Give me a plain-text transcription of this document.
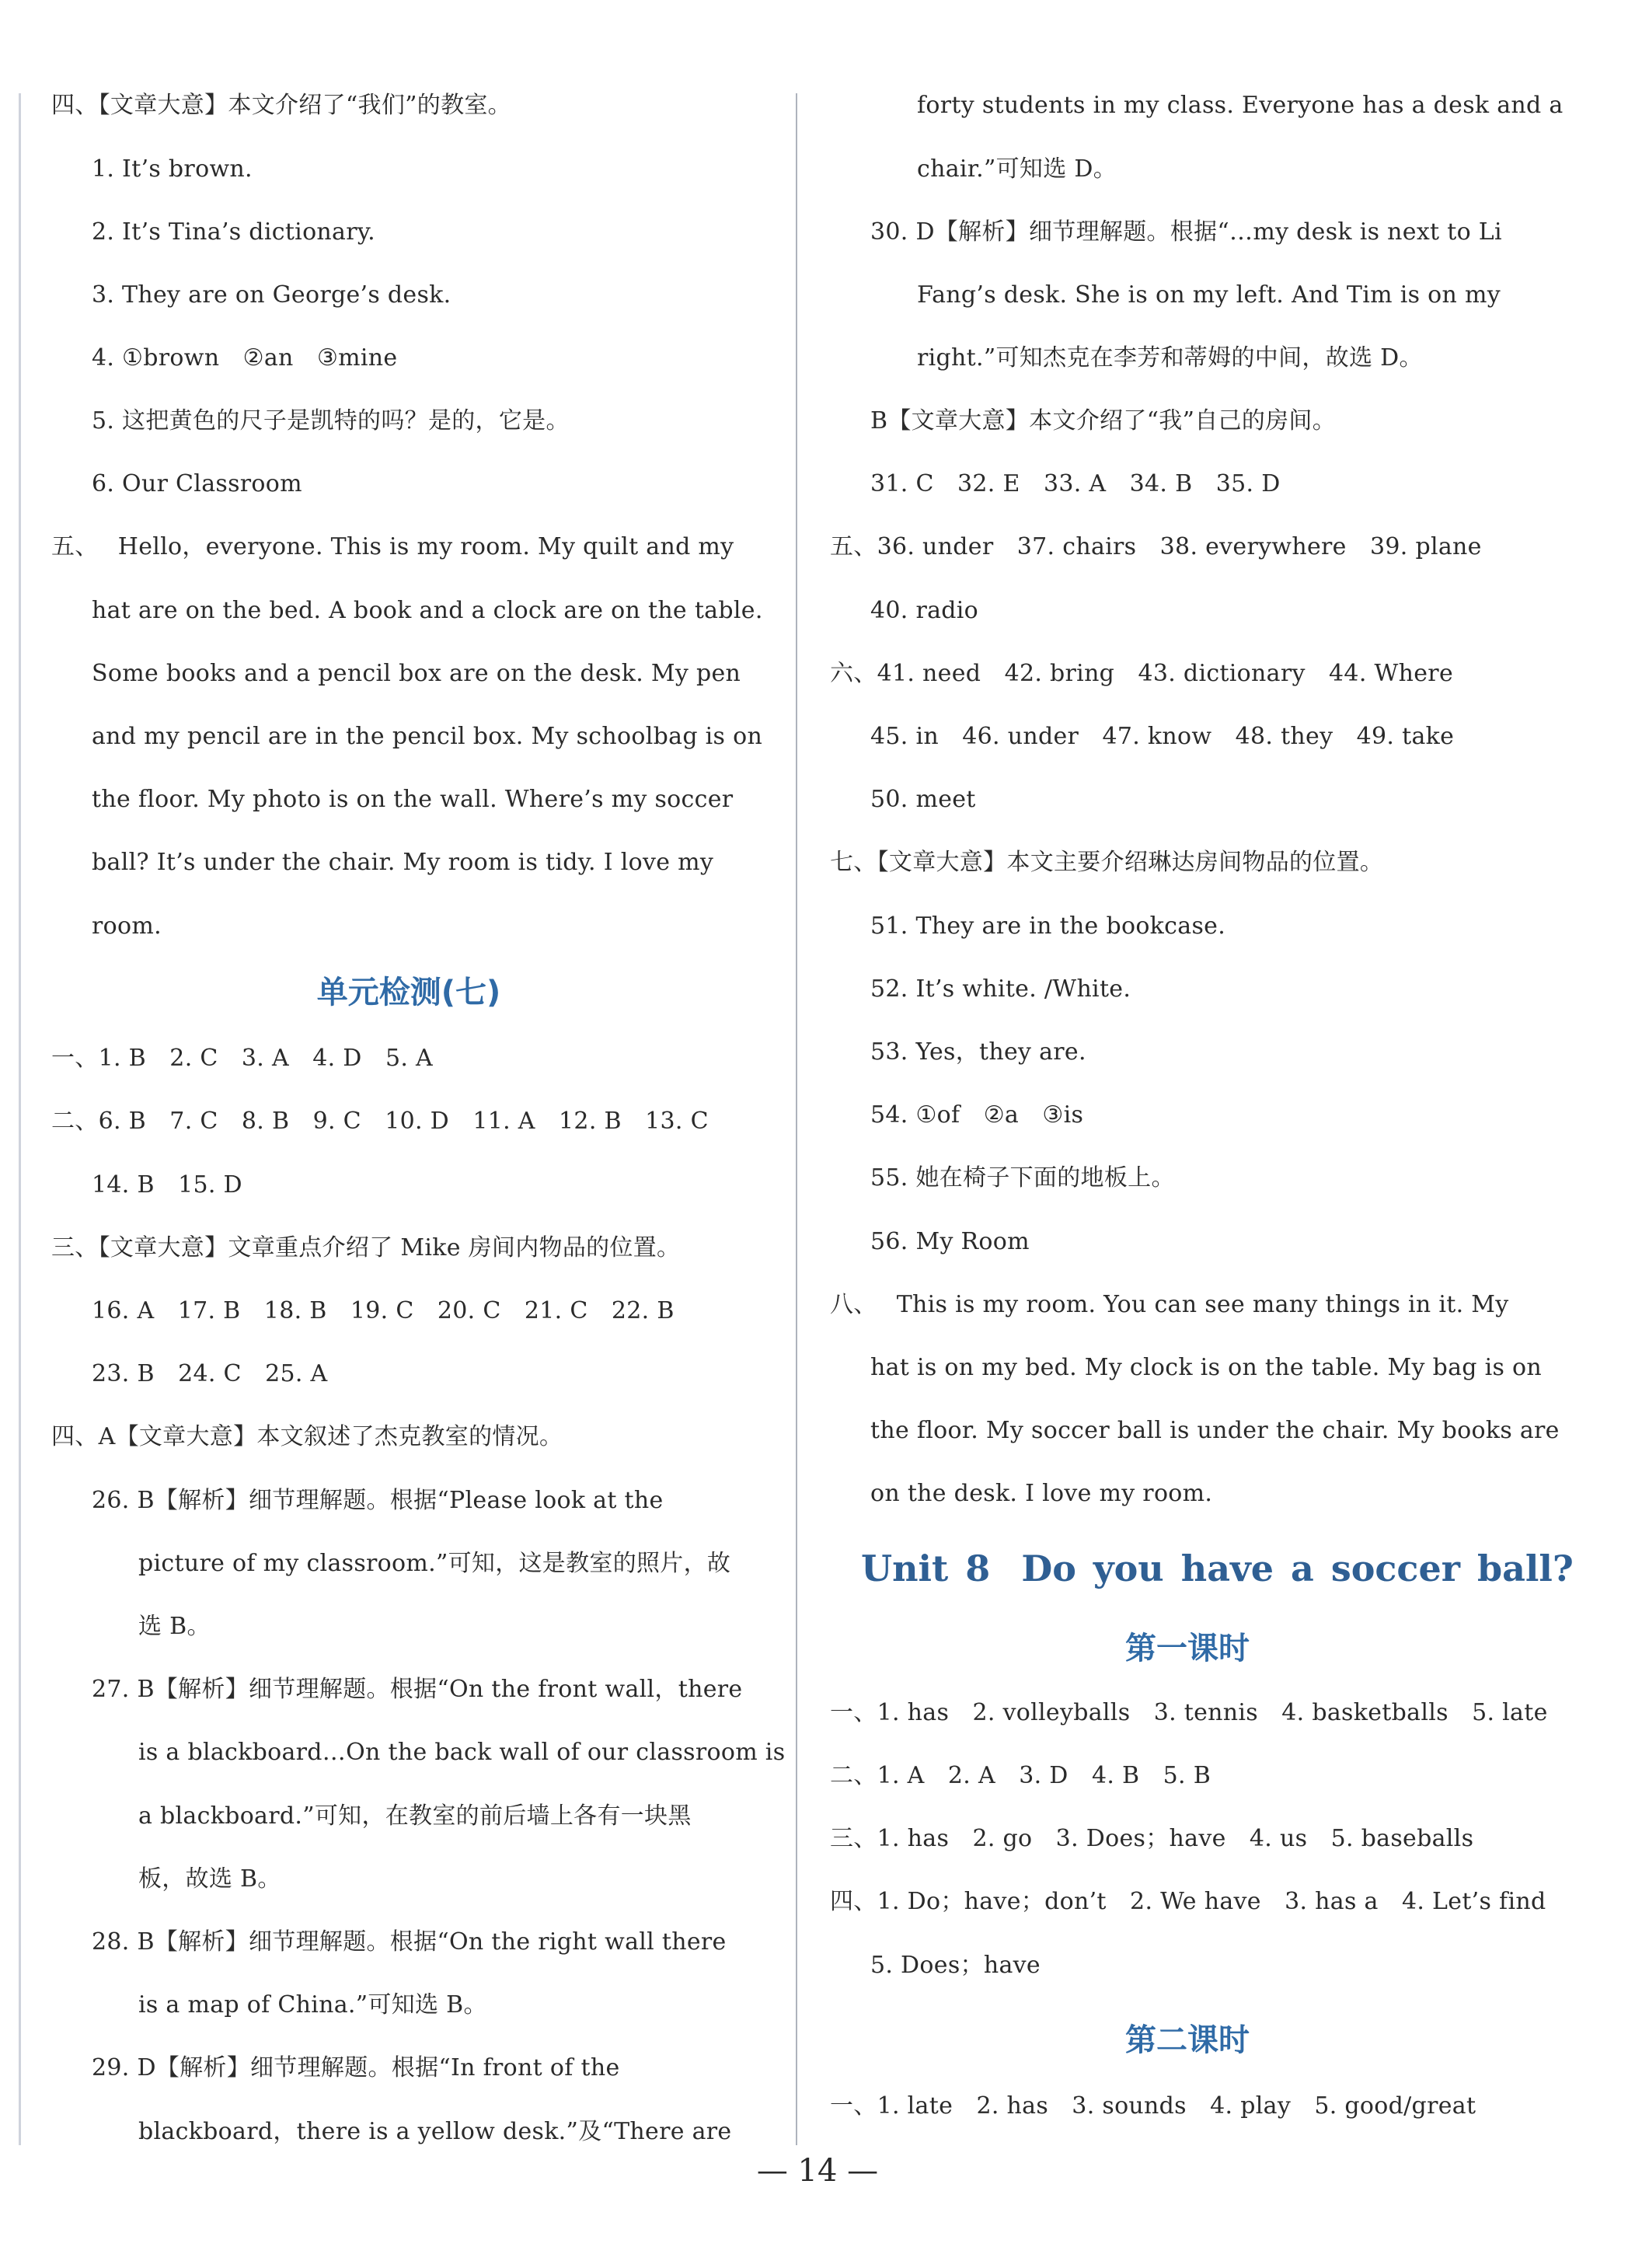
四、【文章大意】本文介绍了“我们”的教室。
1. It’s brown.
2. It’s Tina’s dictionary.
3. They are on George’s desk.
4. ①brown　②an　③mine
5. 这把黄色的尺子是凯特的吗？是的，它是。
6. Our Classroom
五、　 Hello，everyone. This is my room. My quilt and my
hat are on the bed. A book and a clock are on the table.
Some books and a pencil box are on the desk. My pen
and my pencil are in the pencil box. My schoolbag is on
the floor. My photo is on the wall. Where’s my soccer
ball? It’s under the chair. My room is tidy. I love my
room.
单元检测(七)
一、1. B　2. C　3. A　4. D　5. A
二、6. B　7. C　8. B　9. C　10. D　11. A　12. B　13. C
14. B　15. D
三、【文章大意】文章重点介绍了 Mike 房间内物品的位置。
16. A　17. B　18. B　19. C　20. C　21. C　22. B
23. B　24. C　25. A
四、A【文章大意】本文叙述了杰克教室的情况。
26. B【解析】细节理解题。根据“Please look at the
picture of my classroom.”可知，这是教室的照片，故
选 B。
27. B【解析】细节理解题。根据“On the front wall，there
is a blackboard…On the back wall of our classroom is
a blackboard.”可知，在教室的前后墙上各有一块黑
板，故选 B。
28. B【解析】细节理解题。根据“On the right wall there
is a map of China.”可知选 B。
29. D【解析】细节理解题。根据“In front of the
blackboard，there is a yellow desk.”及“There are
forty students in my class. Everyone has a desk and a
chair.”可知选 D。
30. D【解析】细节理解题。根据“…my desk is next to Li
Fang’s desk. She is on my left. And Tim is on my
right.”可知杰克在李芳和蒂姆的中间，故选 D。
B【文章大意】本文介绍了“我”自己的房间。
31. C　32. E　33. A　34. B　35. D
五、36. under　37. chairs　38. everywhere　39. plane
40. radio
六、41. need　42. bring　43. dictionary　44. Where
45. in　46. under　47. know　48. they　49. take
50. meet
七、【文章大意】本文主要介绍琳达房间物品的位置。
51. They are in the bookcase.
52. It’s white. /White.
53. Yes，they are.
54. ①of　②a　③is
55. 她在椅子下面的地板上。
56. My Room
八、　 This is my room. You can see many things in it. My
hat is on my bed. My clock is on the table. My bag is on
the floor. My soccer ball is under the chair. My books are
on the desk. I love my room.
Unit 8 Do you have a soccer ball?
第一课时
一、1. has　2. volleyballs　3. tennis　4. basketballs　5. late
二、1. A　2. A　3. D　4. B　5. B
三、1. has　2. go　3. Does；have　4. us　5. baseballs
四、1. Do；have；don’t　2. We have　3. has a　4. Let’s find
5. Does；have
第二课时
一、1. late　2. has　3. sounds　4. play　5. good/great
— 14 —
